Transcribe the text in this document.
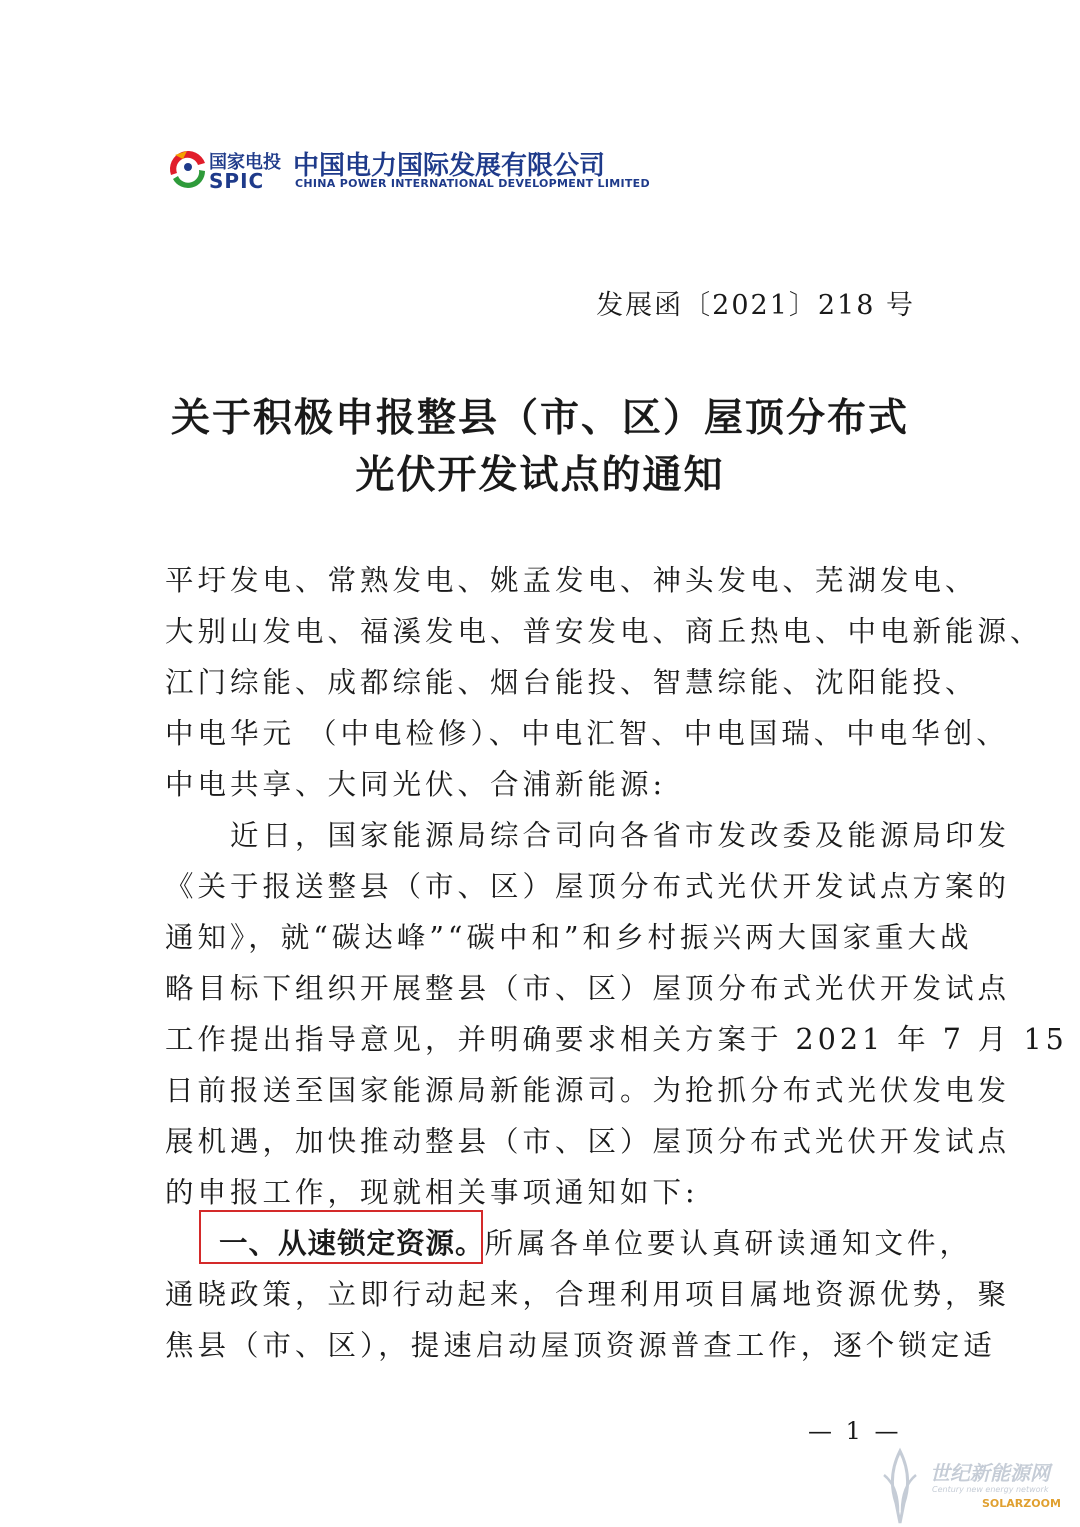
国家电投
SPIC 中国电力国际发展有限公司
CHINA POWER INTERNATIONAL DEVELOPMENT LIMITED
发展函〔2021〕218 号
关于积极申报整县（市、区）屋顶分布式
光伏开发试点的通知
平圩发电、常熟发电、姚孟发电、神头发电、芜湖发电、
大别山发电、福溪发电、普安发电、商丘热电、中电新能源、
江门综能、成都综能、烟台能投、智慧综能、沈阳能投、
中电华元 （中电检修）、中电汇智、中电国瑞、中电华创、
中电共享、大同光伏、合浦新能源:
　　近日，国家能源局综合司向各省市发改委及能源局印发
《关于报送整县（市、区）屋顶分布式光伏开发试点方案的
通知》，就“碳达峰”“碳中和”和乡村振兴两大国家重大战
略目标下组织开展整县（市、区）屋顶分布式光伏开发试点
工作提出指导意见，并明确要求相关方案于 2021 年 7 月 15
日前报送至国家能源局新能源司。为抢抓分布式光伏发电发
展机遇，加快推动整县（市、区）屋顶分布式光伏开发试点
的申报工作，现就相关事项通知如下:
一、从速锁定资源。所属各单位要认真研读通知文件，
通晓政策，立即行动起来，合理利用项目属地资源优势，聚
焦县（市、区），提速启动屋顶资源普查工作，逐个锁定适
— 1 —
世纪新能源网
Century new energy network
SOLARZOOM
